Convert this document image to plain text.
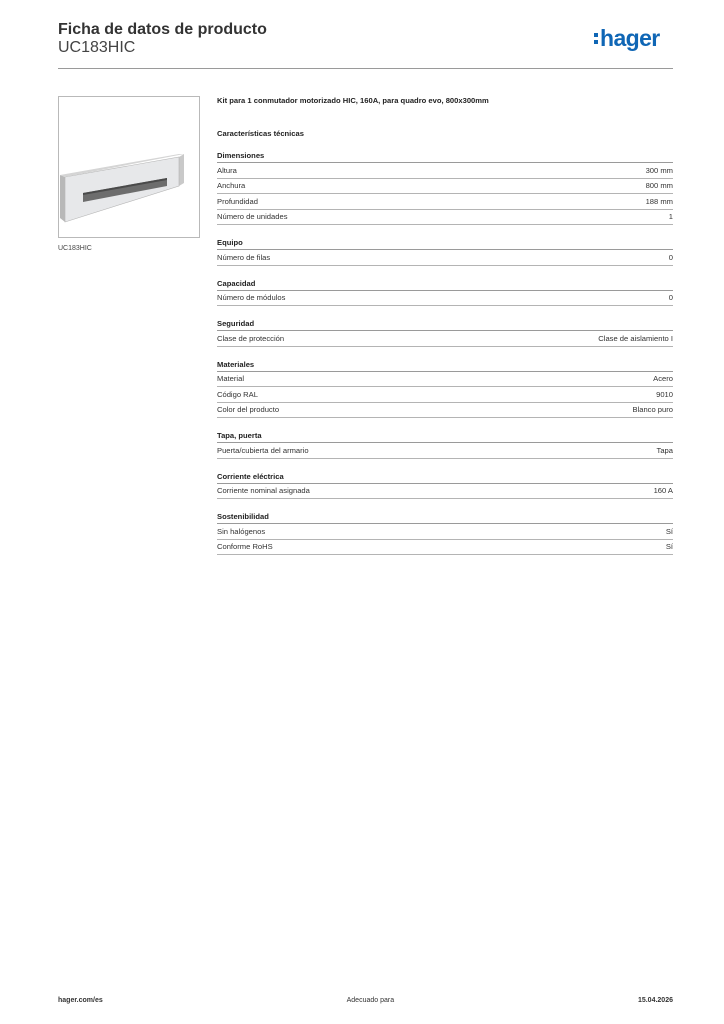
Ficha de datos de producto
UC183HIC	hager
UC183HIC

Kit para 1 conmutador motorizado HIC, 160A, para quadro evo, 800x300mm

Características técnicas
Dimensiones
Altura	300 mm
Anchura	800 mm
Profundidad	188 mm
Número de unidades	1
Equipo
Número de filas	0
Capacidad
Número de módulos	0
Seguridad
Clase de protección	Clase de aislamiento I
Materiales
Material	Acero
Código RAL	9010
Color del producto	Blanco puro
Tapa, puerta
Puerta/cubierta del armario	Tapa
Corriente eléctrica
Corriente nominal asignada	160 A
Sostenibilidad
Sin halógenos	Sí
Conforme RoHS	Sí
hager.com/es	Adecuado para	15.04.2026
